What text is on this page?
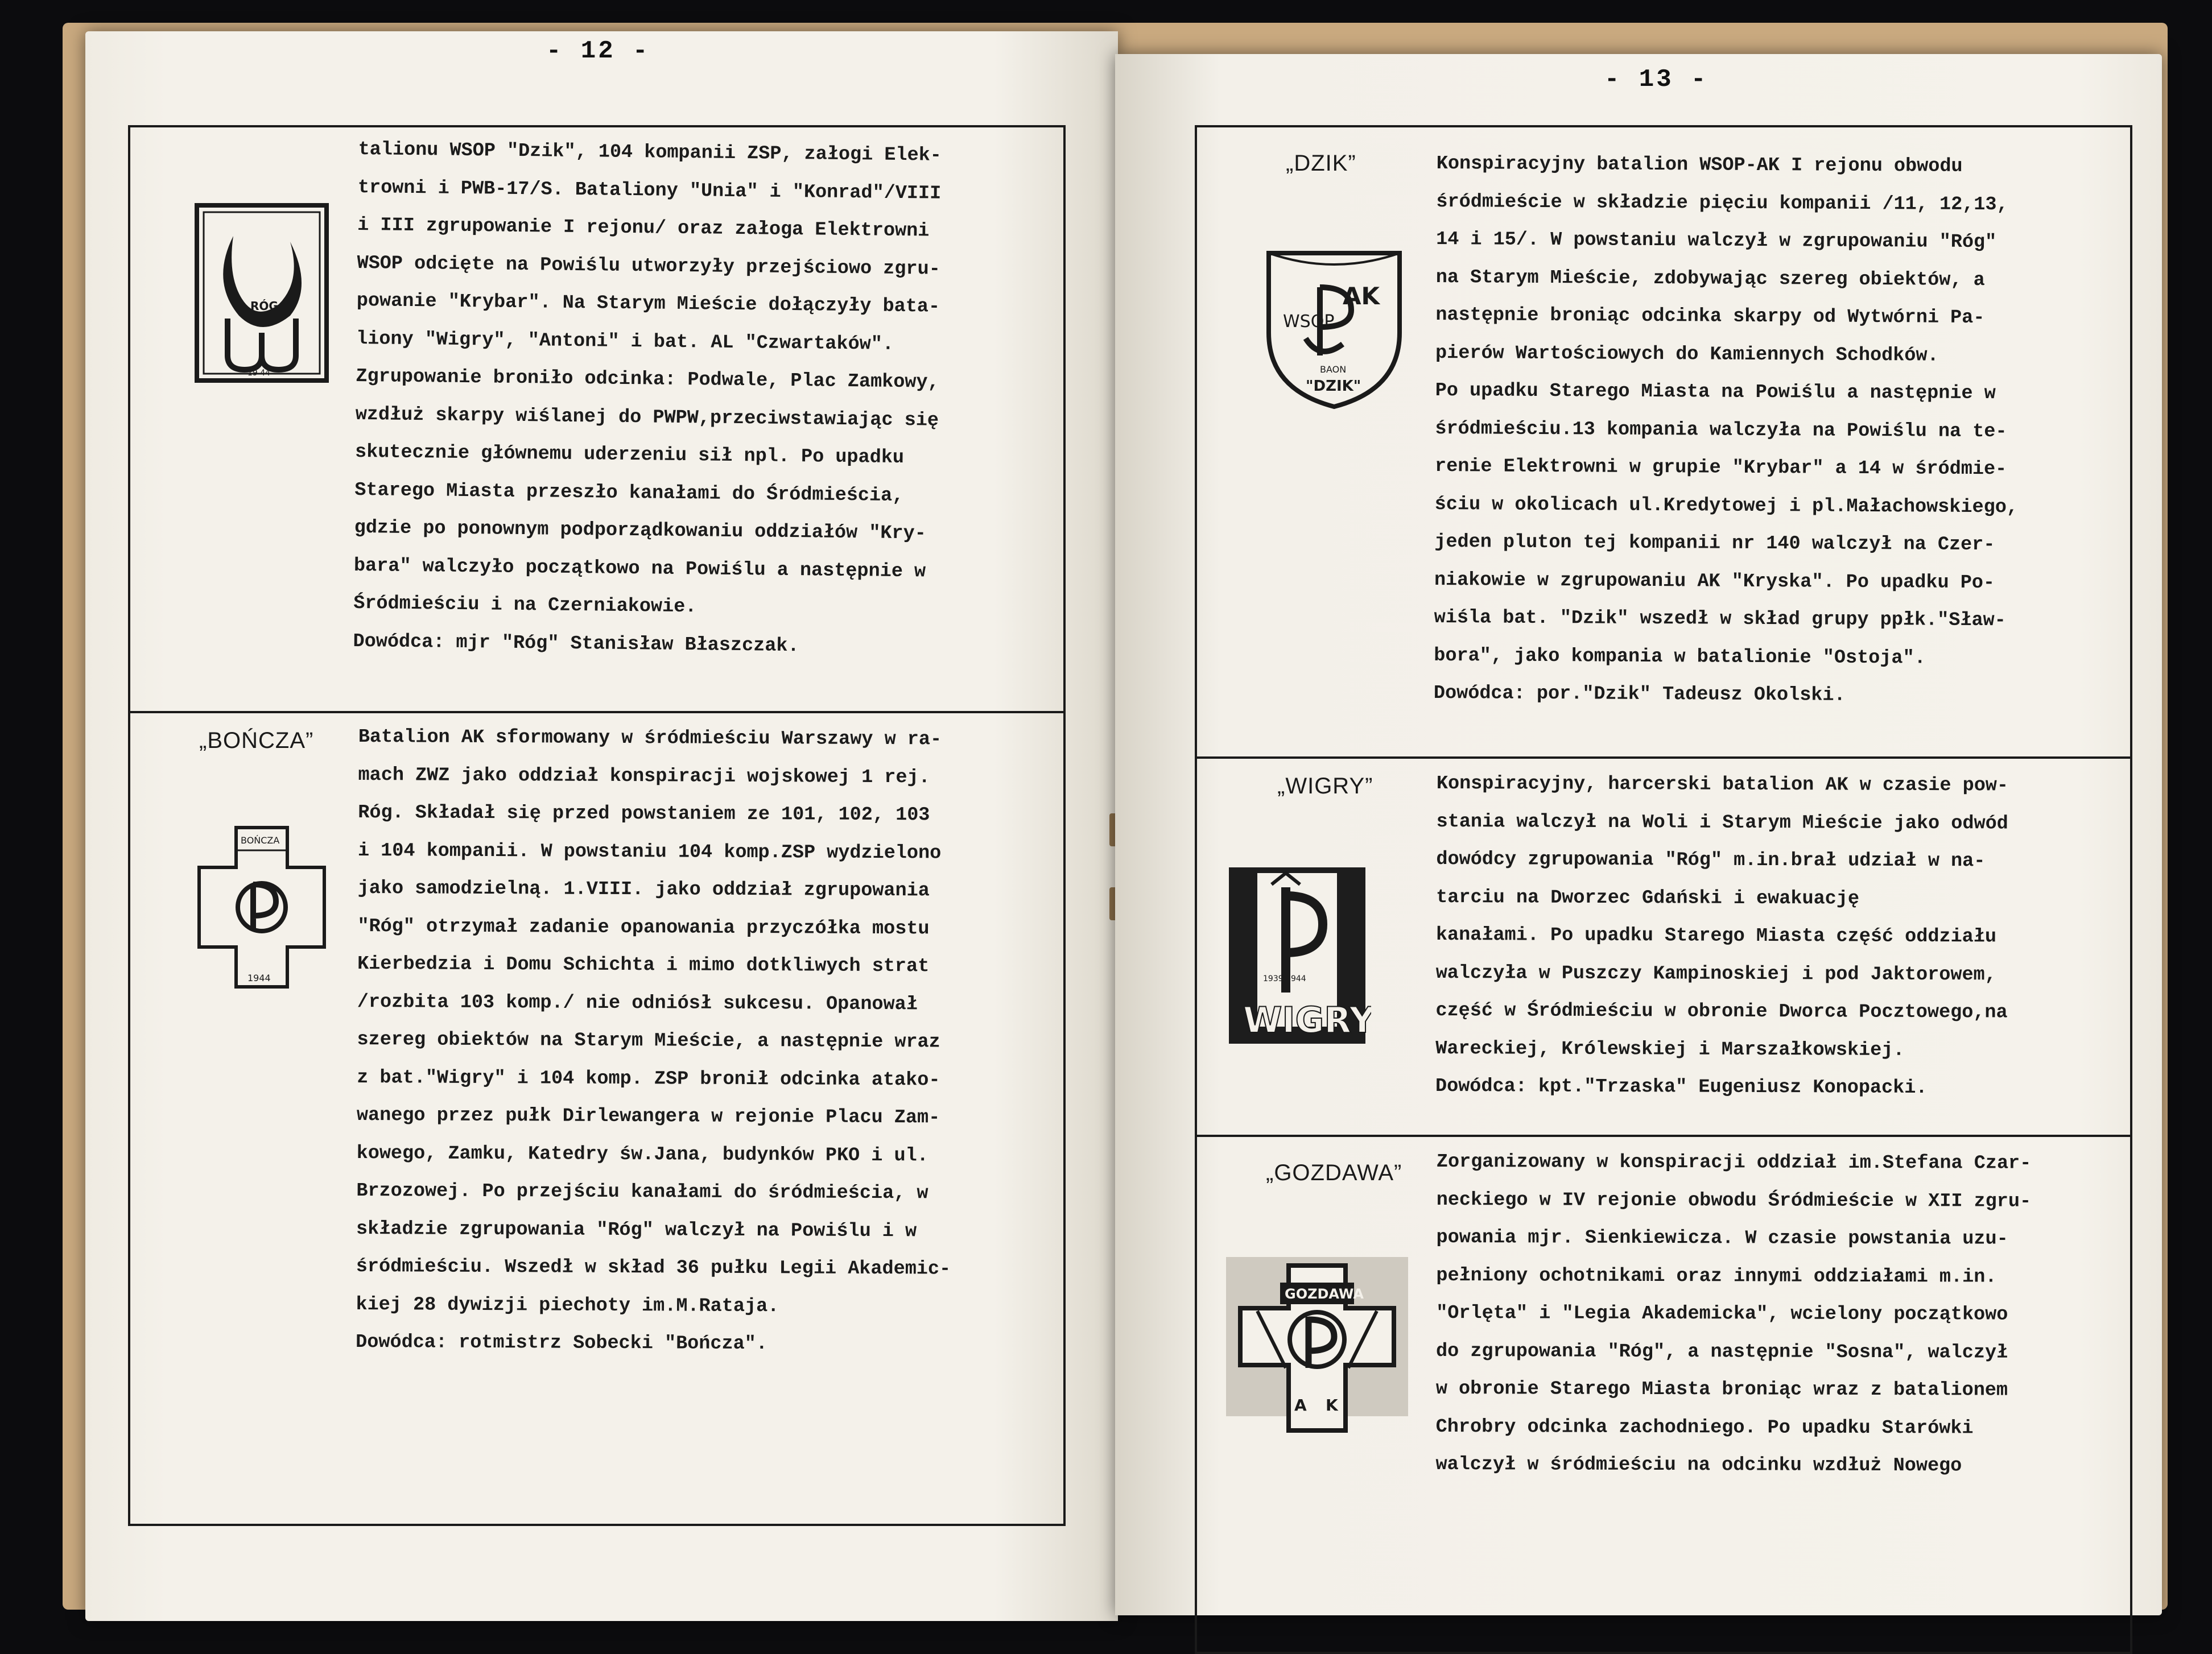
- 12 -
AK
RÓG
19 44

talionu WSOP "Dzik", 104 kompanii ZSP, załogi Elek-

trowni i PWB-17/S. Bataliony "Unia" i "Konrad"/VIII

i III zgrupowanie I rejonu/ oraz załoga Elektrowni

WSOP odcięte na Powiślu utworzyły przejściowo zgru-

powanie "Krybar". Na Starym Mieście dołączyły bata-

liony "Wigry", "Antoni" i bat. AL "Czwartaków".

Zgrupowanie broniło odcinka: Podwale, Plac Zamkowy,

wzdłuż skarpy wiślanej do PWPW,przeciwstawiając się

skutecznie głównemu uderzeniu sił npl. Po upadku

Starego Miasta przeszło kanałami do Śródmieścia,

gdzie po ponownym podporządkowaniu oddziałów "Kry-

bara" walczyło początkowo na Powiślu a następnie w

Śródmieściu i na Czerniakowie.

Dowódca: mjr "Róg" Stanisław Błaszczak.

„BOŃCZA”
BOŃCZA
1944

Batalion AK sformowany w śródmieściu Warszawy w ra-

mach ZWZ jako oddział konspiracji wojskowej 1 rej.

Róg. Składał się przed powstaniem ze 101, 102, 103

i 104 kompanii. W powstaniu 104 komp.ZSP wydzielono

jako samodzielną. 1.VIII. jako oddział zgrupowania

"Róg" otrzymał zadanie opanowania przyczółka mostu

Kierbedzia i Domu Schichta i mimo dotkliwych strat

/rozbita 103 komp./ nie odniósł sukcesu. Opanował

szereg obiektów na Starym Mieście, a następnie wraz

z bat."Wigry" i 104 komp. ZSP bronił odcinka atako-

wanego przez pułk Dirlewangera w rejonie Placu Zam-

kowego, Zamku, Katedry św.Jana, budynków PKO i ul.

Brzozowej. Po przejściu kanałami do śródmieścia, w

składzie zgrupowania "Róg" walczył na Powiślu i w

śródmieściu. Wszedł w skład 36 pułku Legii Akademic-

kiej 28 dywizji piechoty im.M.Rataja.

Dowódca: rotmistrz Sobecki "Bończa".

- 13 -
„DZIK”
WSOP
AK
BAON
"DZIK"

Konspiracyjny batalion WSOP-AK I rejonu obwodu

śródmieście w składzie pięciu kompanii /11, 12,13,

14 i 15/. W powstaniu walczył w zgrupowaniu "Róg"

na Starym Mieście, zdobywając szereg obiektów, a

następnie broniąc odcinka skarpy od Wytwórni Pa-

pierów Wartościowych do Kamiennych Schodków.

Po upadku Starego Miasta na Powiślu a następnie w

śródmieściu.13 kompania walczyła na Powiślu na te-

renie Elektrowni w grupie "Krybar" a 14 w śródmie-

ściu w okolicach ul.Kredytowej i pl.Małachowskiego,

jeden pluton tej kompanii nr 140 walczył na Czer-

niakowie w zgrupowaniu AK "Kryska". Po upadku Po-

wiśla bat. "Dzik" wszedł w skład grupy ppłk."Sław-

bora", jako kompania w batalionie "Ostoja".

Dowódca: por."Dzik" Tadeusz Okolski.

„WIGRY”
1939 1944
WIGRY

Konspiracyjny, harcerski batalion AK w czasie pow-

stania walczył na Woli i Starym Mieście jako odwód

dowódcy zgrupowania "Róg" m.in.brał udział w na-

tarciu na Dworzec Gdański i ewakuację

kanałami. Po upadku Starego Miasta część oddziału

walczyła w Puszczy Kampinoskiej i pod Jaktorowem,

część w Śródmieściu w obronie Dworca Pocztowego,na

Wareckiej, Królewskiej i Marszałkowskiej.

Dowódca: kpt."Trzaska" Eugeniusz Konopacki.

„GOZDAWA”
GOZDAWA
A K

Zorganizowany w konspiracji oddział im.Stefana Czar-

neckiego w IV rejonie obwodu Śródmieście w XII zgru-

powania mjr. Sienkiewicza. W czasie powstania uzu-

pełniony ochotnikami oraz innymi oddziałami m.in.

"Orlęta" i "Legia Akademicka", wcielony początkowo

do zgrupowania "Róg", a następnie "Sosna", walczył

w obronie Starego Miasta broniąc wraz z batalionem

Chrobry odcinka zachodniego. Po upadku Starówki

walczył w śródmieściu na odcinku wzdłuż Nowego
